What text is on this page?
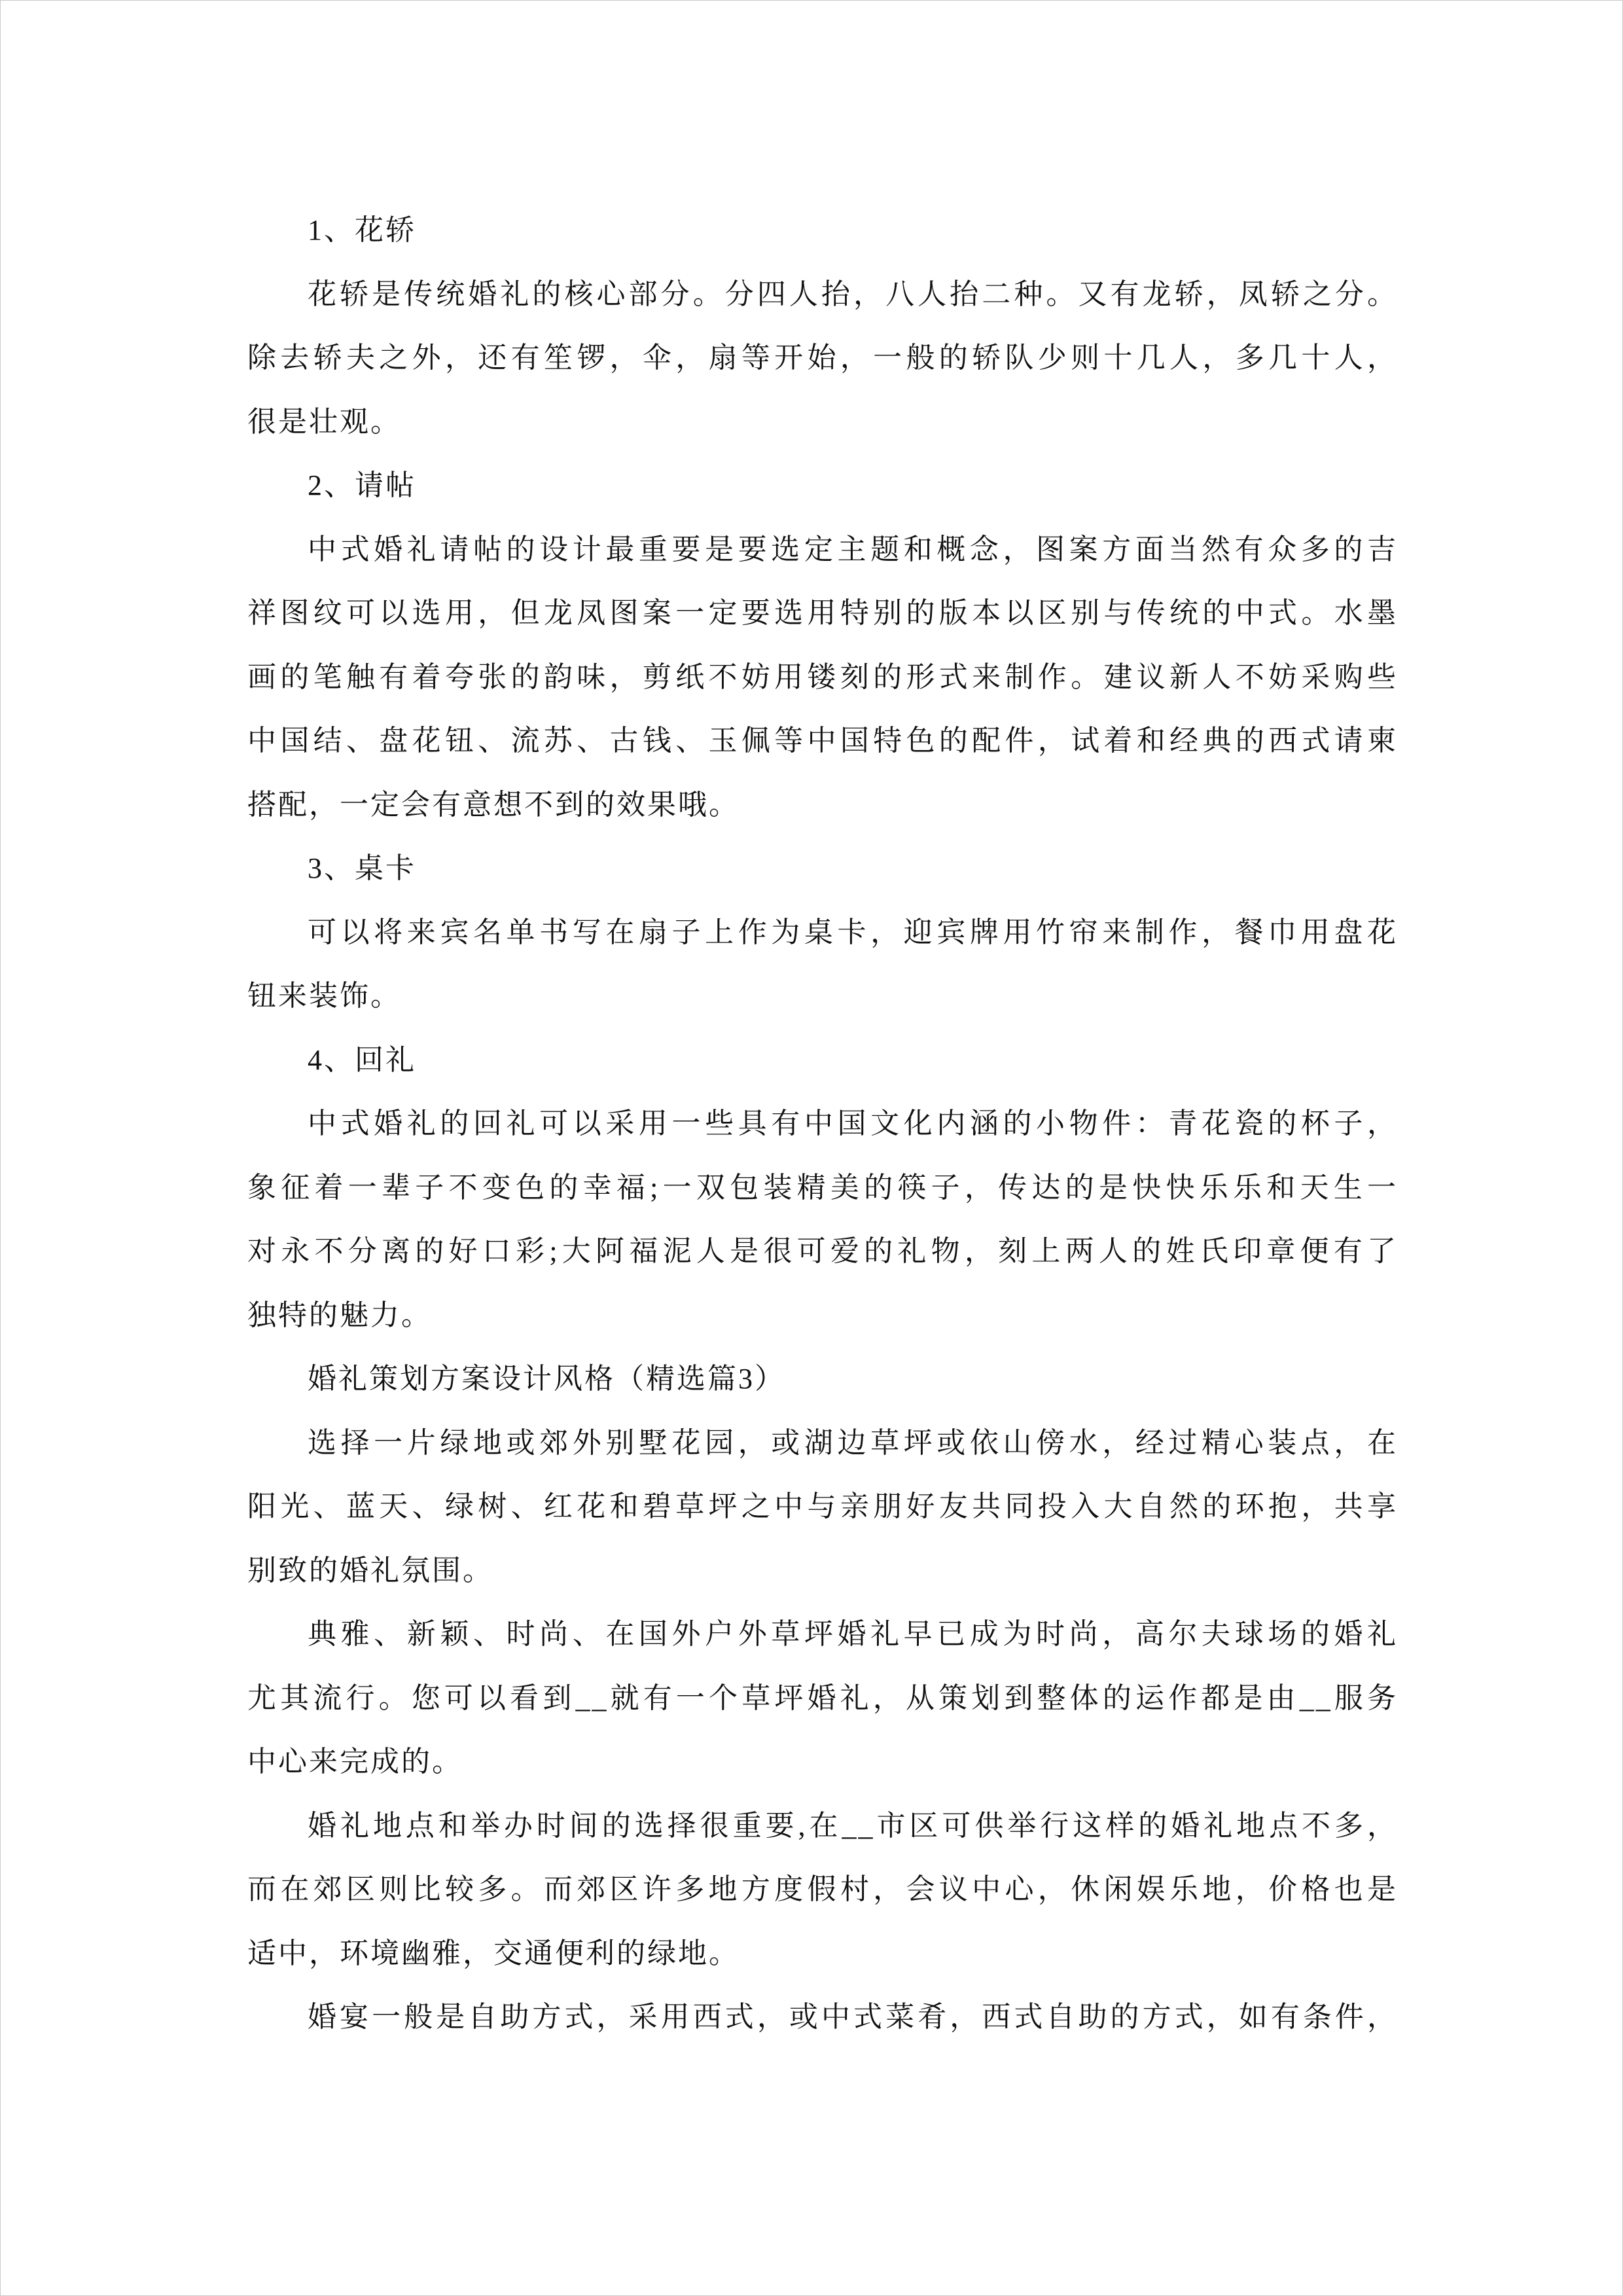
1、花轿
花轿是传统婚礼的核心部分。分四人抬，八人抬二种。又有龙轿，凤轿之分。
除去轿夫之外，还有笙锣，伞，扇等开始，一般的轿队少则十几人，多几十人，
很是壮观。
2、请帖
中式婚礼请帖的设计最重要是要选定主题和概念，图案方面当然有众多的吉
祥图纹可以选用，但龙凤图案一定要选用特别的版本以区别与传统的中式。水墨
画的笔触有着夸张的韵味，剪纸不妨用镂刻的形式来制作。建议新人不妨采购些
中国结、盘花钮、流苏、古钱、玉佩等中国特色的配件，试着和经典的西式请柬
搭配，一定会有意想不到的效果哦。
3、桌卡
可以将来宾名单书写在扇子上作为桌卡，迎宾牌用竹帘来制作，餐巾用盘花
钮来装饰。
4、回礼
中式婚礼的回礼可以采用一些具有中国文化内涵的小物件：青花瓷的杯子，
象征着一辈子不变色的幸福;一双包装精美的筷子，传达的是快快乐乐和天生一
对永不分离的好口彩;大阿福泥人是很可爱的礼物，刻上两人的姓氏印章便有了
独特的魅力。
婚礼策划方案设计风格（精选篇3）
选择一片绿地或郊外别墅花园，或湖边草坪或依山傍水，经过精心装点，在
阳光、蓝天、绿树、红花和碧草坪之中与亲朋好友共同投入大自然的环抱，共享
别致的婚礼氛围。
典雅、新颖、时尚、在国外户外草坪婚礼早已成为时尚，高尔夫球场的婚礼
尤其流行。您可以看到__就有一个草坪婚礼，从策划到整体的运作都是由__服务
中心来完成的。
婚礼地点和举办时间的选择很重要,在__市区可供举行这样的婚礼地点不多，
而在郊区则比较多。而郊区许多地方度假村，会议中心，休闲娱乐地，价格也是
适中，环境幽雅，交通便利的绿地。
婚宴一般是自助方式，采用西式，或中式菜肴，西式自助的方式，如有条件，
